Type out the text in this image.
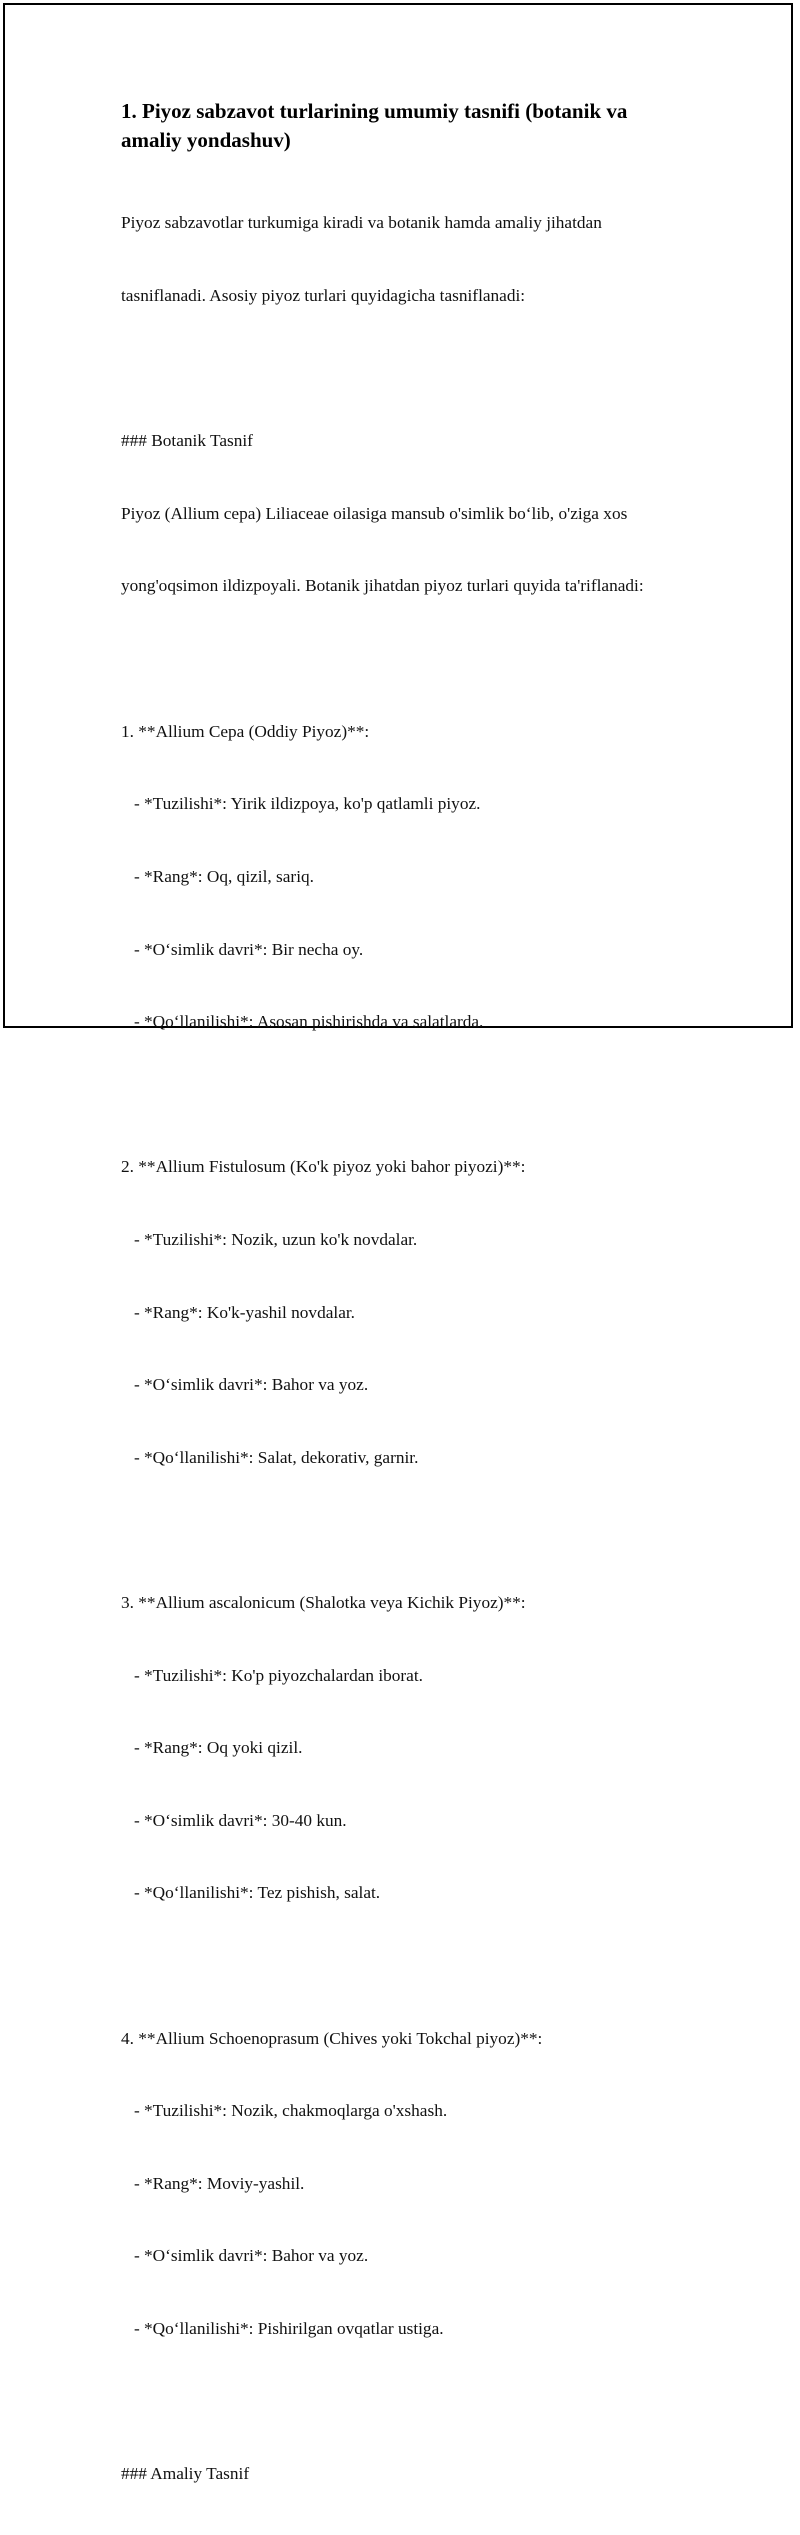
1. Piyoz sabzavot turlarining umumiy tasnifi (botanik va
amaliy yondashuv)

Piyoz sabzavotlar turkumiga kiradi va botanik hamda amaliy jihatdan

tasniflanadi. Asosiy piyoz turlari quyidagicha tasniflanadi:

### Botanik Tasnif

Piyoz (Allium cepa) Liliaceae oilasiga mansub o'simlik bo‘lib, o'ziga xos

yong'oqsimon ildizpoyali. Botanik jihatdan piyoz turlari quyida ta'riflanadi:

1. **Allium Cepa (Oddiy Piyoz)**:

- *Tuzilishi*: Yirik ildizpoya, ko'p qatlamli piyoz.

- *Rang*: Oq, qizil, sariq.

- *O‘simlik davri*: Bir necha oy.

- *Qo‘llanilishi*: Asosan pishirishda va salatlarda.

2. **Allium Fistulosum (Ko'k piyoz yoki bahor piyozi)**:

- *Tuzilishi*: Nozik, uzun ko'k novdalar.

- *Rang*: Ko'k-yashil novdalar.

- *O‘simlik davri*: Bahor va yoz.

- *Qo‘llanilishi*: Salat, dekorativ, garnir.

3. **Allium ascalonicum (Shalotka veya Kichik Piyoz)**:

- *Tuzilishi*: Ko'p piyozchalardan iborat.

- *Rang*: Oq yoki qizil.

- *O‘simlik davri*: 30-40 kun.

- *Qo‘llanilishi*: Tez pishish, salat.

4. **Allium Schoenoprasum (Chives yoki Tokchal piyoz)**:

- *Tuzilishi*: Nozik, chakmoqlarga o'xshash.

- *Rang*: Moviy-yashil.

- *O‘simlik davri*: Bahor va yoz.

- *Qo‘llanilishi*: Pishirilgan ovqatlar ustiga.

### Amaliy Tasnif
